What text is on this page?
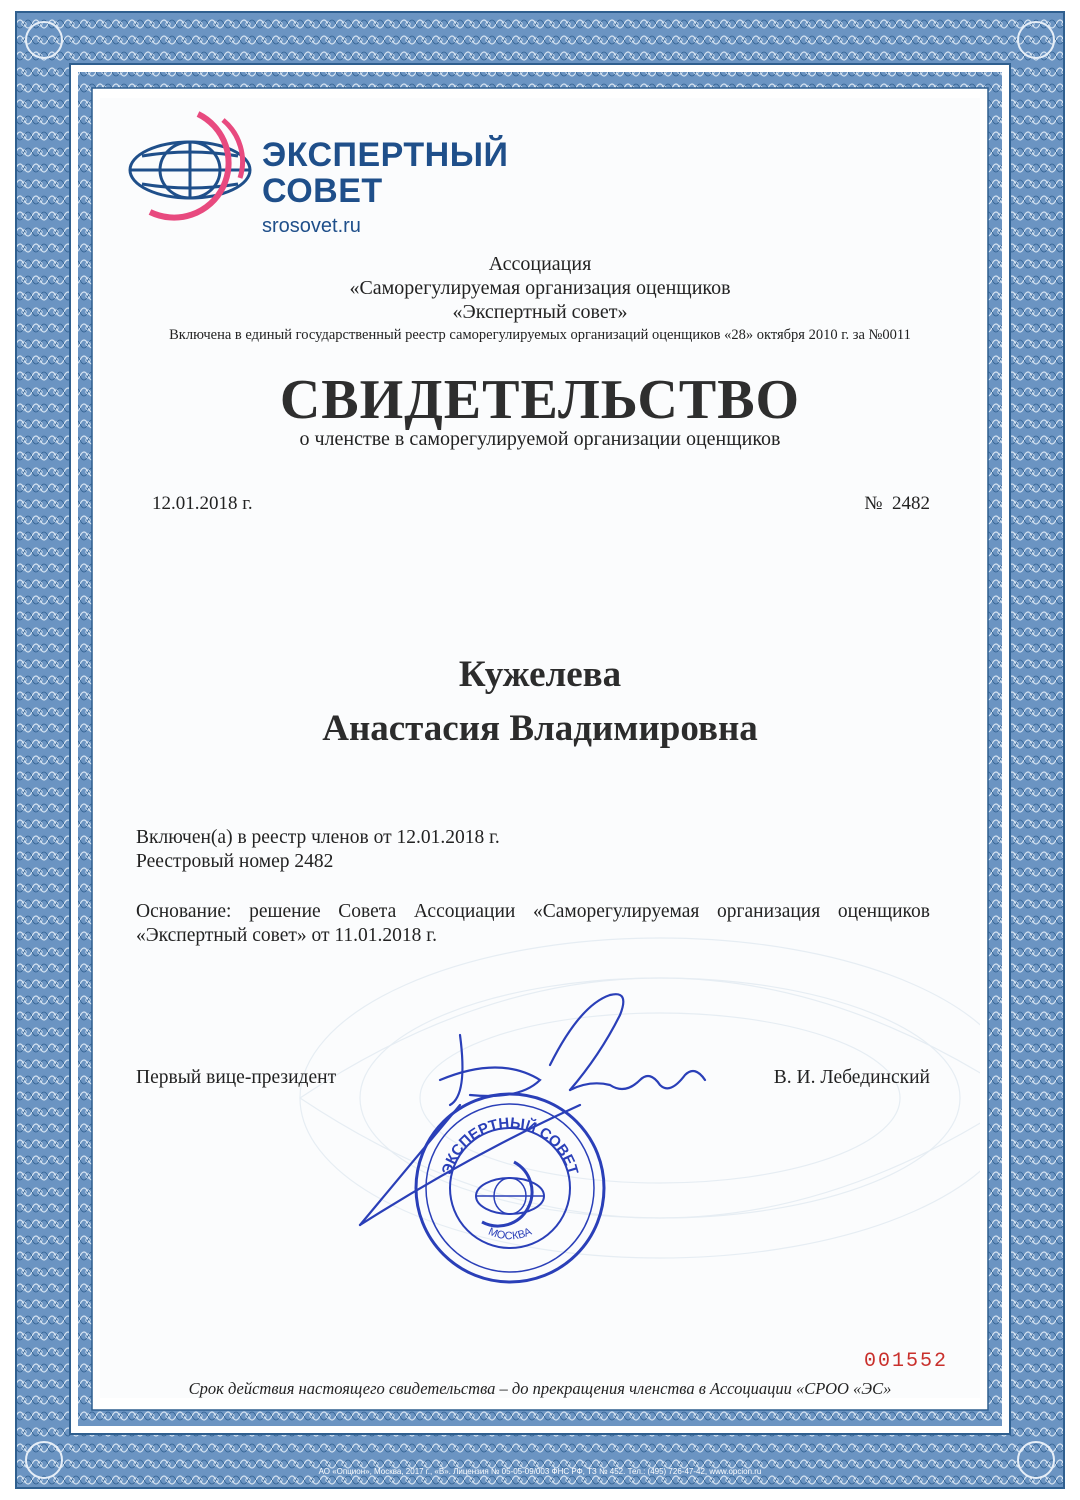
ЭКСПЕРТНЫЙ
СОВЕТ
srosovet.ru
Ассоциация
«Саморегулируемая организация оценщиков
«Экспертный совет»
Включена в единый государственный реестр саморегулируемых организаций оценщиков «28» октября 2010 г. за №0011
СВИДЕТЕЛЬСТВО
о членстве в саморегулируемой организации оценщиков
12.01.2018 г.	№  2482
Кужелева
Анастасия Владимировна
Включен(а) в реестр членов от 12.01.2018 г.
Реестровый номер 2482
Основание: решение Совета Ассоциации «Саморегулируемая организация оценщиков «Экспертный совет» от 11.01.2018 г.
Первый вице-президент	В. И. Лебединский
ЭКСПЕРТНЫЙ СОВЕТ
МОСКВА
001552
Срок действия настоящего свидетельства – до прекращения членства в Ассоциации «СРОО «ЭС»
АО «Опцион», Москва, 2017 г., «В». Лицензия № 05-05-09/003 ФНС РФ, ТЗ № 452. Тел.: (495) 726-47-42, www.opcion.ru
